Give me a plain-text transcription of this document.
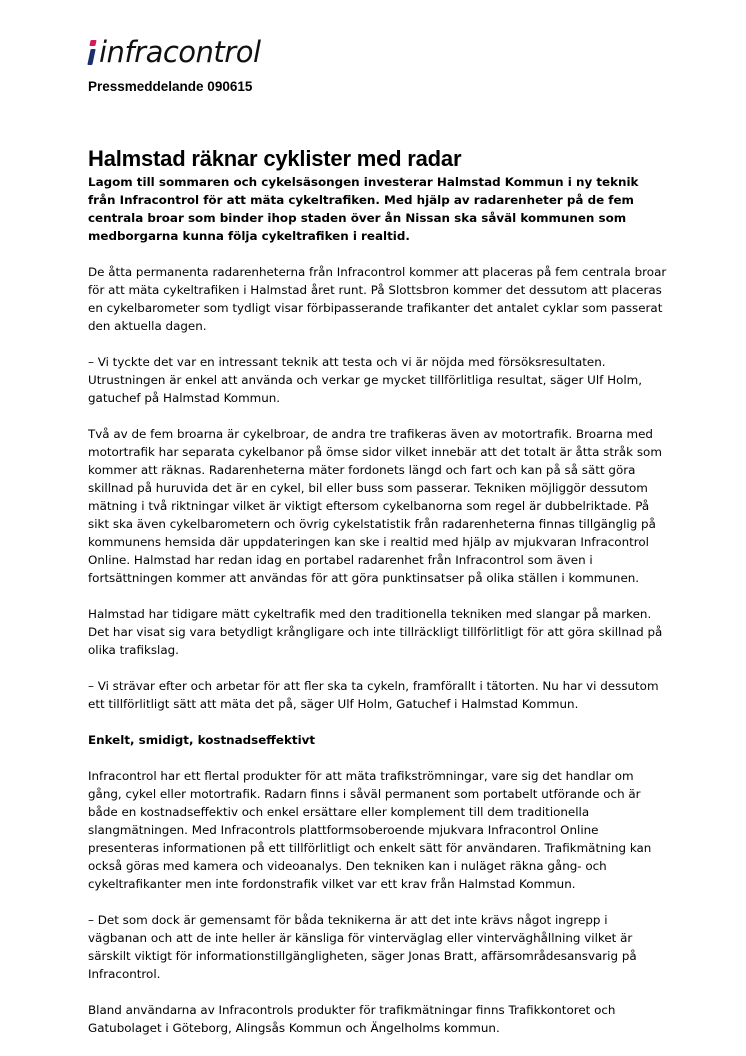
infracontrol
Pressmeddelande 090615
Halmstad räknar cyklister med radar

Lagom till sommaren och cykelsäsongen investerar Halmstad Kommun i ny teknik från Infracontrol för att mäta cykeltrafiken. Med hjälp av radarenheter på de fem centrala broar som binder ihop staden över ån Nissan ska såväl kommunen som medborgarna kunna följa cykeltrafiken i realtid.

De åtta permanenta radarenheterna från Infracontrol kommer att placeras på fem centrala broar för att mäta cykeltrafiken i Halmstad året runt. På Slottsbron kommer det dessutom att placeras en cykelbarometer som tydligt visar förbipasserande trafikanter det antalet cyklar som passerat den aktuella dagen.

– Vi tyckte det var en intressant teknik att testa och vi är nöjda med försöksresultaten. Utrustningen är enkel att använda och verkar ge mycket tillförlitliga resultat, säger Ulf Holm, gatuchef på Halmstad Kommun.

Två av de fem broarna är cykelbroar, de andra tre trafikeras även av motortrafik. Broarna med motortrafik har separata cykelbanor på ömse sidor vilket innebär att det totalt är åtta stråk som kommer att räknas. Radarenheterna mäter fordonets längd och fart och kan på så sätt göra skillnad på huruvida det är en cykel, bil eller buss som passerar. Tekniken möjliggör dessutom mätning i två riktningar vilket är viktigt eftersom cykelbanorna som regel är dubbelriktade. På sikt ska även cykelbarometern och övrig cykelstatistik från radarenheterna finnas tillgänglig på kommunens hemsida där uppdateringen kan ske i realtid med hjälp av mjukvaran Infracontrol Online. Halmstad har redan idag en portabel radarenhet från Infracontrol som även i fortsättningen kommer att användas för att göra punktinsatser på olika ställen i kommunen.

Halmstad har tidigare mätt cykeltrafik med den traditionella tekniken med slangar på marken. Det har visat sig vara betydligt krångligare och inte tillräckligt tillförlitligt för att göra skillnad på olika trafikslag.

– Vi strävar efter och arbetar för att fler ska ta cykeln, framförallt i tätorten. Nu har vi dessutom ett tillförlitligt sätt att mäta det på, säger Ulf Holm, Gatuchef i Halmstad Kommun.

Enkelt, smidigt, kostnadseffektivt

Infracontrol har ett flertal produkter för att mäta trafikströmningar, vare sig det handlar om gång, cykel eller motortrafik. Radarn finns i såväl permanent som portabelt utförande och är både en kostnadseffektiv och enkel ersättare eller komplement till dem traditionella slangmätningen. Med Infracontrols plattformsoberoende mjukvara Infracontrol Online presenteras informationen på ett tillförlitligt och enkelt sätt för användaren. Trafikmätning kan också göras med kamera och videoanalys. Den tekniken kan i nuläget räkna gång- och cykeltrafikanter men inte fordonstrafik vilket var ett krav från Halmstad Kommun.

– Det som dock är gemensamt för båda teknikerna är att det inte krävs något ingrepp i vägbanan och att de inte heller är känsliga för vinterväglag eller vinterväghållning vilket är särskilt viktigt för informationstillgängligheten, säger Jonas Bratt, affärsområdesansvarig på Infracontrol.

Bland användarna av Infracontrols produkter för trafikmätningar finns Trafikkontoret och Gatubolaget i Göteborg, Alingsås Kommun och Ängelholms kommun.
